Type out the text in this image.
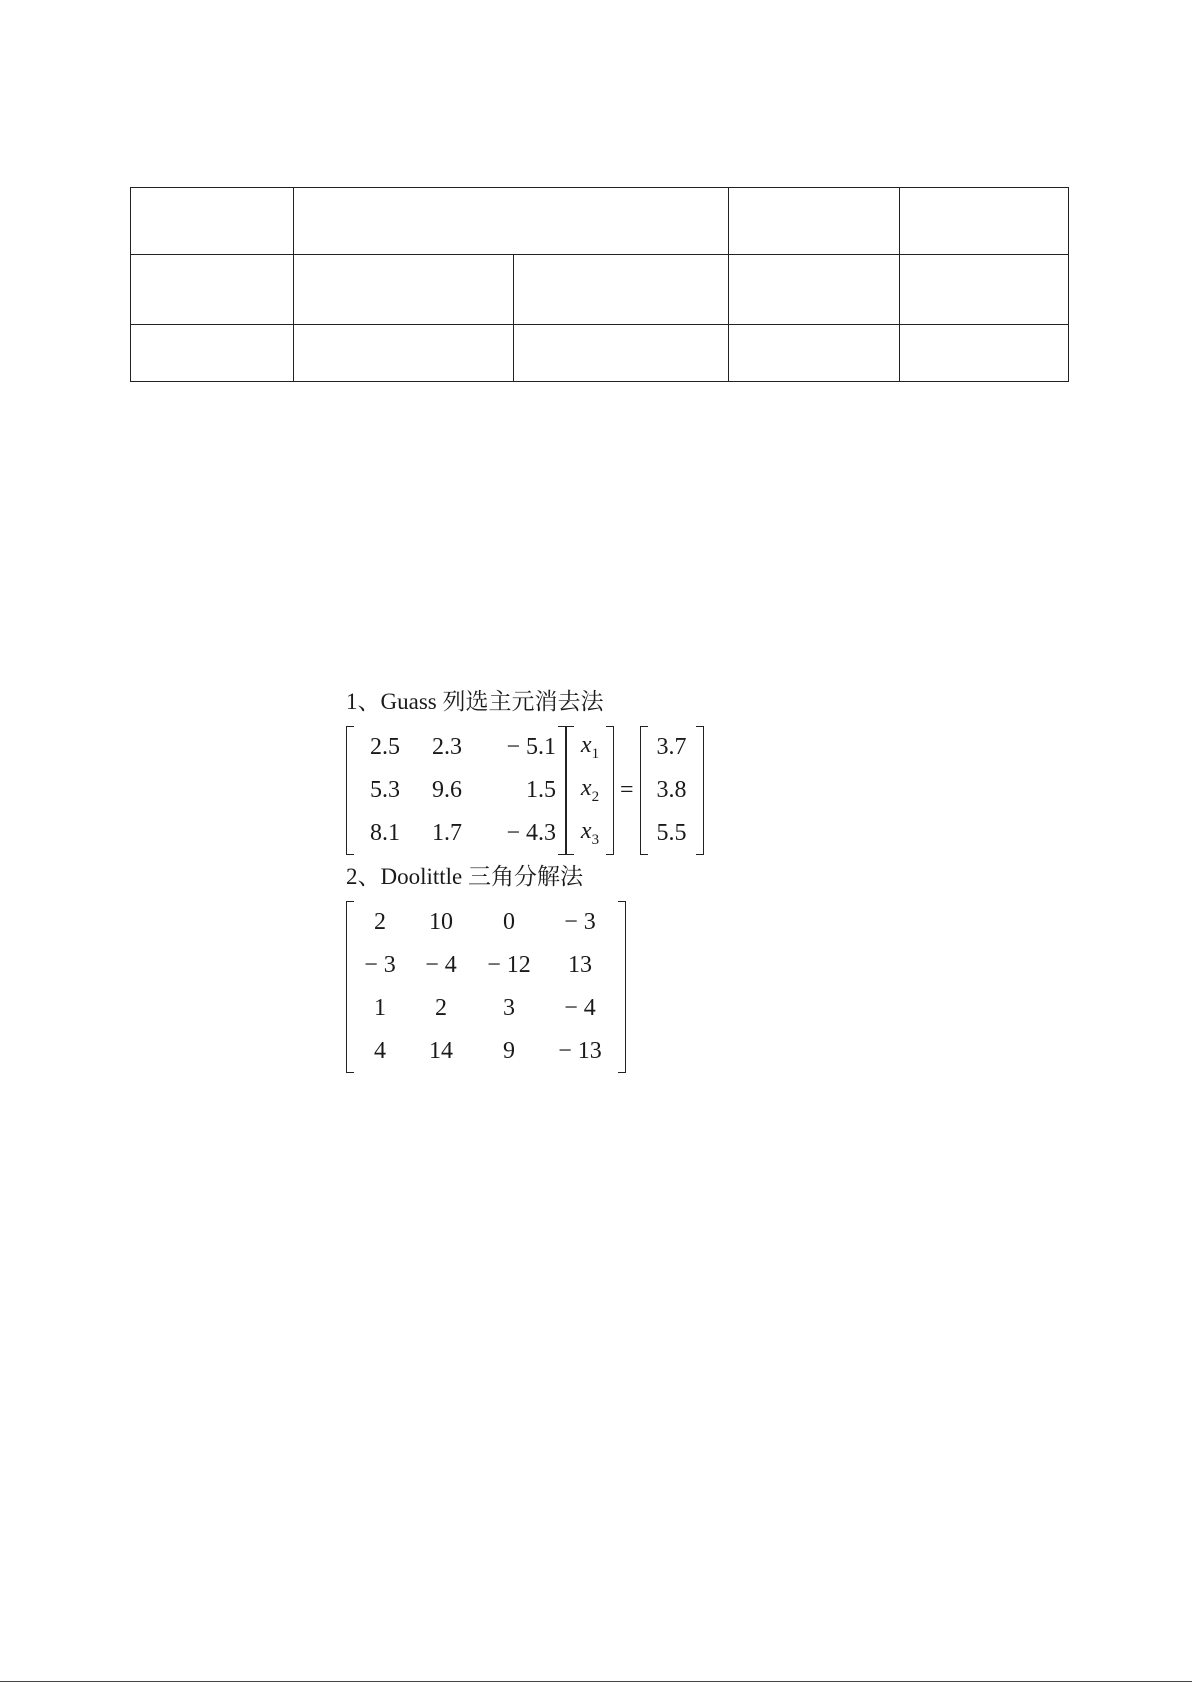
1、Guass 列选主元消去法
2.5	2.3	− 5.1
5.3	9.6	1.5
8.1	1.7	− 4.3
$x_1$
$x_2$
$x_3$
=
3.7
3.8
5.5
2、Doolittle 三角分解法
2	10	0	− 3
− 3	− 4	− 12	13
1	2	3	− 4
4	14	9	− 13
